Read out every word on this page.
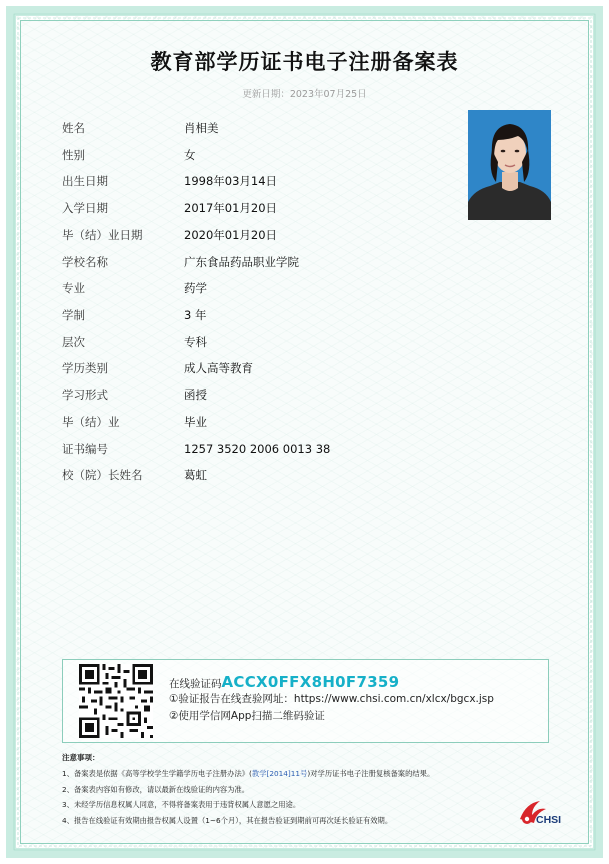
教育部学历证书电子注册备案表
更新日期：2023年07月25日
姓名	肖相美
性别	女
出生日期	1998年03月14日
入学日期	2017年01月20日
毕（结）业日期	2020年01月20日
学校名称	广东食品药品职业学院
专业	药学
学制	3 年
层次	专科
学历类别	成人高等教育
学习形式	函授
毕（结）业	毕业
证书编号	1257 3520 2006 0013 38
校（院）长姓名	葛虹
在线验证码ACCX0FFX8H0F7359
①验证报告在线查验网址：https://www.chsi.com.cn/xlcx/bgcx.jsp
②使用学信网App扫描二维码验证
注意事项：
1、备案表是依据《高等学校学生学籍学历电子注册办法》(教学[2014]11号)对学历证书电子注册复核备案的结果。
2、备案表内容如有修改，请以最新在线验证的内容为准。
3、未经学历信息权属人同意，不得将备案表用于违背权属人意愿之用途。
4、报告在线验证有效期由报告权属人设置（1~6个月），其在报告验证到期前可再次延长验证有效期。	CHSI
